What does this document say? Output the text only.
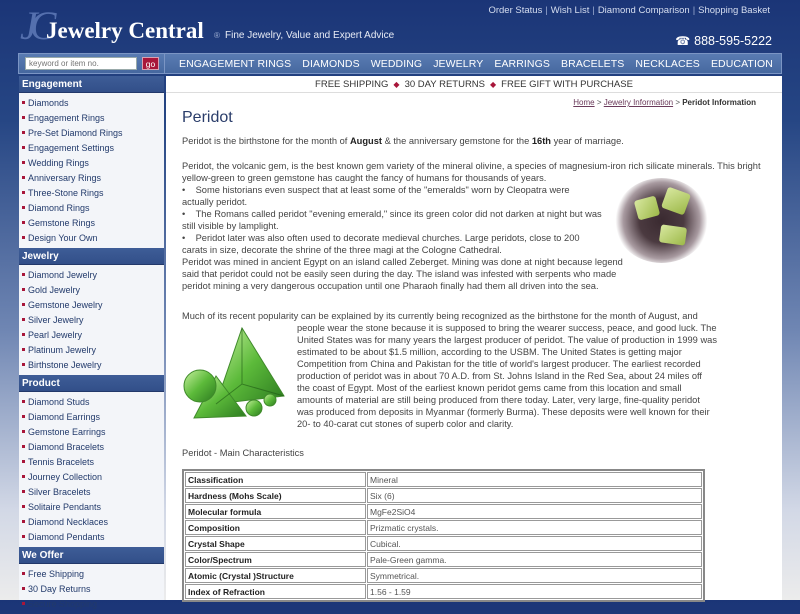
JC
Jewelry Central ® Fine Jewelry, Value and Expert Advice
Order Status | Wish List | Diamond Comparison | Shopping Basket
☎ 888-595-5222
keyword or item no.
go	ENGAGEMENT RINGS DIAMONDS WEDDING JEWELRY EARRINGS BRACELETS NECKLACES EDUCATION
Engagement
Diamonds
Engagement Rings
Pre-Set Diamond Rings
Engagement Settings
Wedding Rings
Anniversary Rings
Three-Stone Rings
Diamond Rings
Gemstone Rings
Design Your Own
Jewelry
Diamond Jewelry
Gold Jewelry
Gemstone Jewelry
Silver Jewelry
Pearl Jewelry
Platinum Jewelry
Birthstone Jewelry
Product
Diamond Studs
Diamond Earrings
Gemstone Earrings
Diamond Bracelets
Tennis Bracelets
Journey Collection
Silver Bracelets
Solitaire Pendants
Diamond Necklaces
Diamond Pendants
We Offer
Free Shipping
30 Day Returns
Secure Shopping
FREE SHIPPING ◆ 30 DAY RETURNS ◆ FREE GIFT WITH PURCHASE
Home > Jewelry Information > Peridot Information
Peridot
Peridot is the birthstone for the month of August & the anniversary gemstone for the 16th year of marriage.
Peridot, the volcanic gem, is the best known gem variety of the mineral olivine, a species of magnesium-iron rich silicate minerals. This bright yellow-green to green gemstone has caught the fancy of humans for thousands of years.
•    Some historians even suspect that at least some of the "emeralds" worn by Cleopatra were actually peridot.
•    The Romans called peridot "evening emerald," since its green color did not darken at night but was still visible by lamplight.
•    Peridot later was also often used to decorate medieval churches. Large peridots, close to 200 carats in size, decorate the shrine of the three magi at the Cologne Cathedral.
Peridot was mined in ancient Egypt on an island called Zeberget. Mining was done at night because legend said that peridot could not be easily seen during the day. The island was infested with serpents who made peridot mining a very dangerous occupation until one Pharaoh finally had them all driven into the sea.
Much of its recent popularity can be explained by its currently being recognized as the birthstone for the month of August, and
people wear the stone because it is supposed to bring the wearer success, peace, and good luck. The United States was for many years the largest producer of peridot. The value of production in 1999 was estimated to be about $1.5 million, according to the USBM. The United States is getting major Competition from China and Pakistan for the title of world's largest producer. The earliest recorded production of peridot was in about 70 A.D. from St. Johns Island in the Red Sea, about 24 miles off the coast of Egypt. Most of the earliest known peridot gems came from this location and small amounts of material are still being produced from there today. Later, very large, fine-quality peridot was produced from deposits in Myanmar (formerly Burma). These deposits were well known for their 20- to 40-carat cut stones of superb color and clarity.
Peridot - Main Characteristics
Classification	Mineral
Hardness (Mohs Scale)	Six (6)
Molecular formula	MgFe2SiO4
Composition	Prizmatic crystals.
Crystal Shape	Cubical.
Color/Spectrum	Pale-Green gamma.
Atomic (Crystal )Structure	Symmetrical.
Index of Refraction	1.56 - 1.59
